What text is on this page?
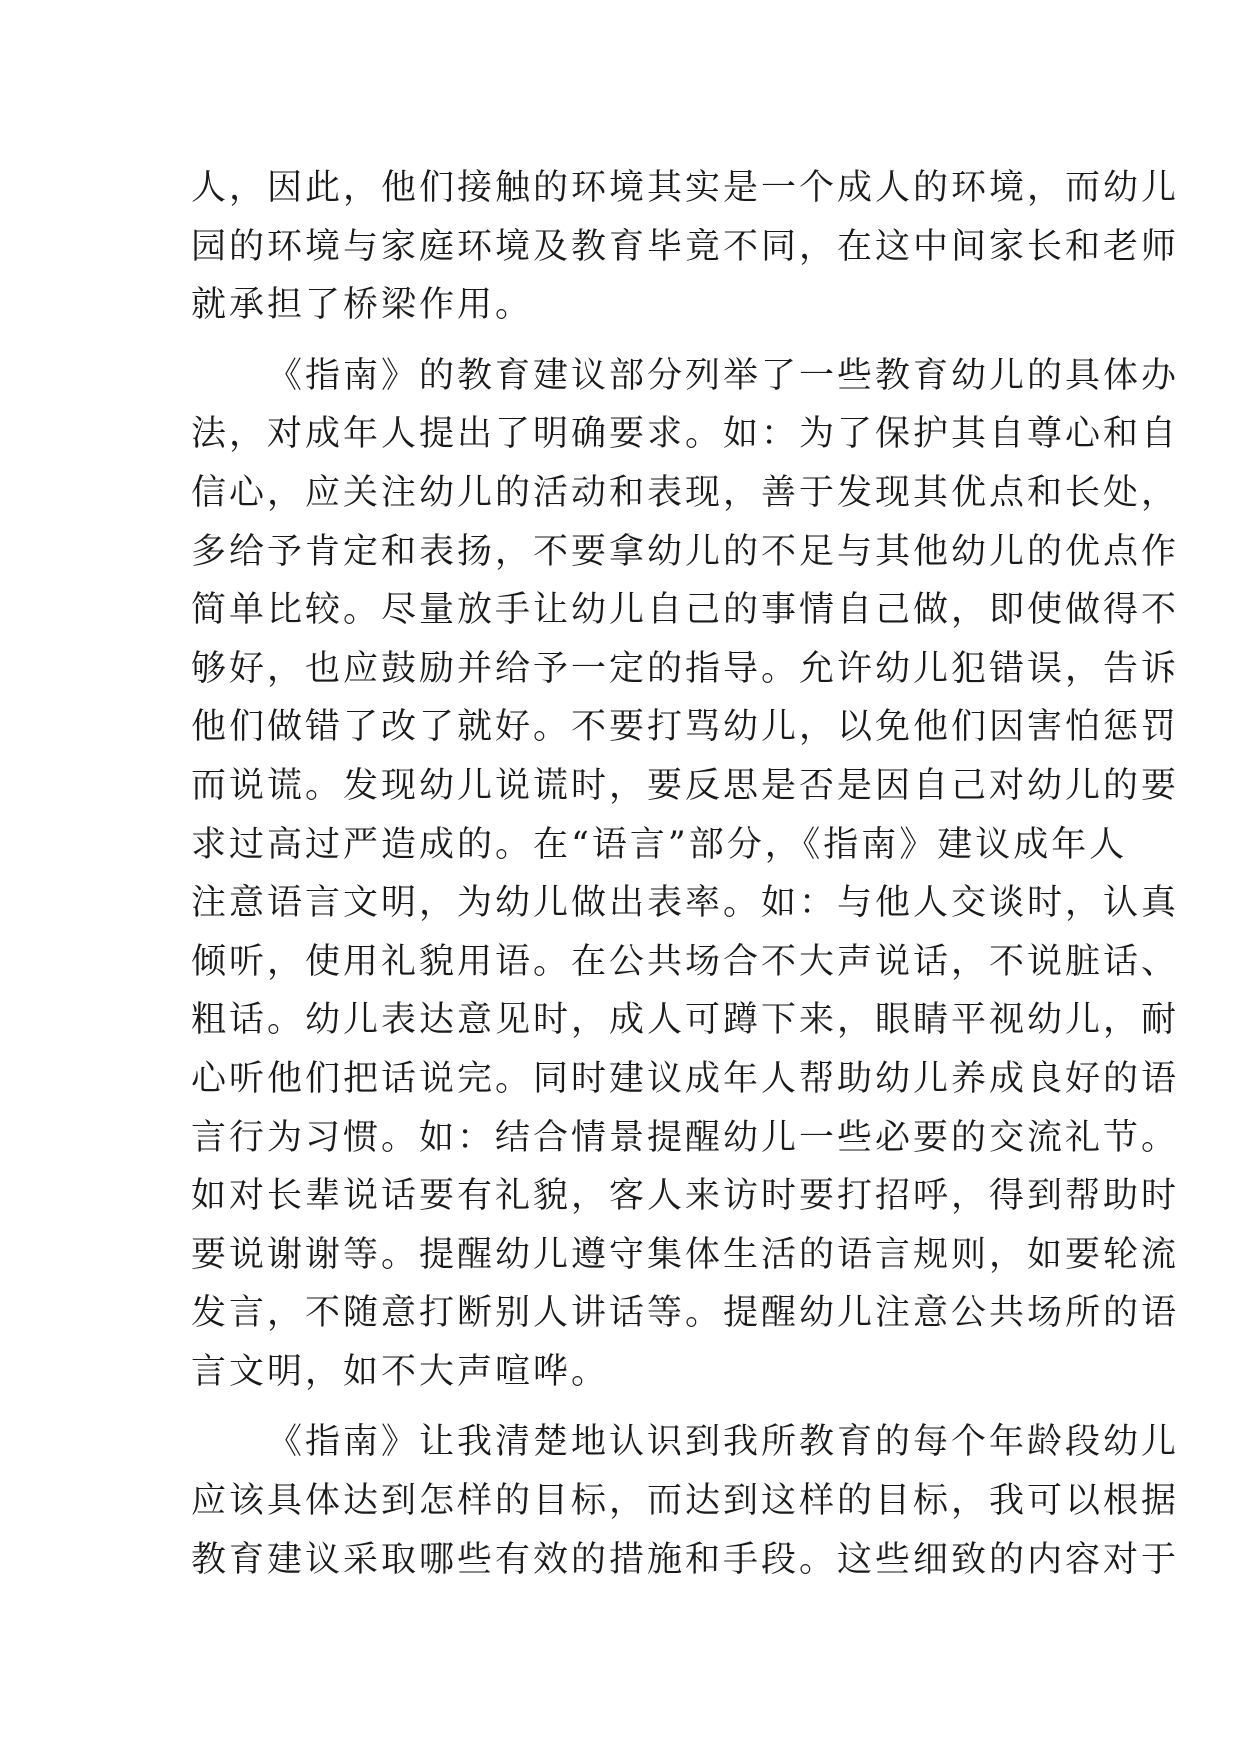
人，因此，他们接触的环境其实是一个成人的环境，而幼儿
园的环境与家庭环境及教育毕竟不同，在这中间家长和老师
就承担了桥梁作用。
《指南》的教育建议部分列举了一些教育幼儿的具体办
法，对成年人提出了明确要求。如：为了保护其自尊心和自
信心，应关注幼儿的活动和表现，善于发现其优点和长处，
多给予肯定和表扬，不要拿幼儿的不足与其他幼儿的优点作
简单比较。尽量放手让幼儿自己的事情自己做，即使做得不
够好，也应鼓励并给予一定的指导。允许幼儿犯错误，告诉
他们做错了改了就好。不要打骂幼儿，以免他们因害怕惩罚
而说谎。发现幼儿说谎时，要反思是否是因自己对幼儿的要
求过高过严造成的。在“语言”部分，《指南》建议成年人
注意语言文明，为幼儿做出表率。如：与他人交谈时，认真
倾听，使用礼貌用语。在公共场合不大声说话，不说脏话、
粗话。幼儿表达意见时，成人可蹲下来，眼睛平视幼儿，耐
心听他们把话说完。同时建议成年人帮助幼儿养成良好的语
言行为习惯。如：结合情景提醒幼儿一些必要的交流礼节。
如对长辈说话要有礼貌，客人来访时要打招呼，得到帮助时
要说谢谢等。提醒幼儿遵守集体生活的语言规则，如要轮流
发言，不随意打断别人讲话等。提醒幼儿注意公共场所的语
言文明，如不大声喧哗。
《指南》让我清楚地认识到我所教育的每个年龄段幼儿
应该具体达到怎样的目标，而达到这样的目标，我可以根据
教育建议采取哪些有效的措施和手段。这些细致的内容对于
